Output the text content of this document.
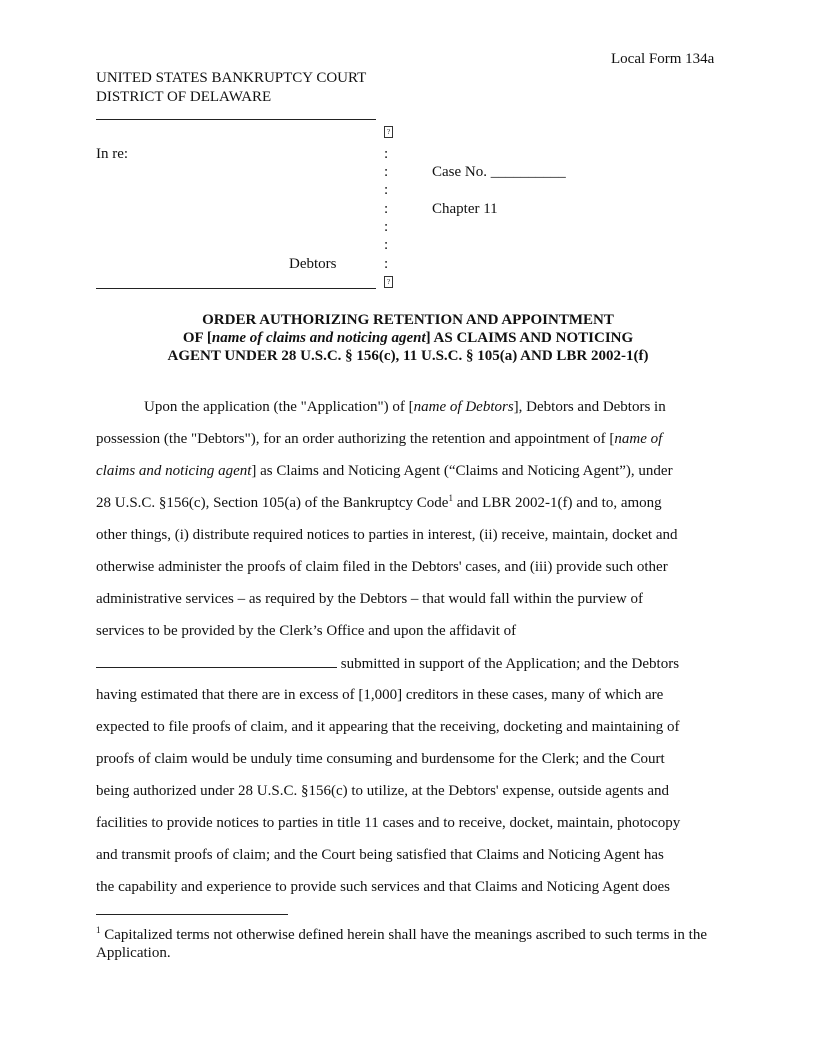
Local Form 134a
UNITED STATES BANKRUPTCY COURT
DISTRICT OF DELAWARE
?
:
:
:
:
:
:
:
In re:
Case No. __________
Chapter 11
Debtors
?
ORDER AUTHORIZING RETENTION AND APPOINTMENT
OF [name of claims and noticing agent] AS CLAIMS AND NOTICING
AGENT UNDER 28 U.S.C. § 156(c), 11 U.S.C. § 105(a) AND LBR 2002-1(f)
Upon the application (the "Application") of [name of Debtors], Debtors and Debtors in
possession (the "Debtors"), for an order authorizing the retention and appointment of [name of
claims and noticing agent] as Claims and Noticing Agent (“Claims and Noticing Agent”), under
28 U.S.C. §156(c), Section 105(a) of the Bankruptcy Code$^1$ and LBR 2002-1(f) and to, among
other things, (i) distribute required notices to parties in interest, (ii) receive, maintain, docket and
otherwise administer the proofs of claim filed in the Debtors' cases, and (iii) provide such other
administrative services – as required by the Debtors – that would fall within the purview of
services to be provided by the Clerk’s Office and upon the affidavit of
submitted in support of the Application; and the Debtors
having estimated that there are in excess of [1,000] creditors in these cases, many of which are
expected to file proofs of claim, and it appearing that the receiving, docketing and maintaining of
proofs of claim would be unduly time consuming and burdensome for the Clerk; and the Court
being authorized under 28 U.S.C. §156(c) to utilize, at the Debtors' expense, outside agents and
facilities to provide notices to parties in title 11 cases and to receive, docket, maintain, photocopy
and transmit proofs of claim; and the Court being satisfied that Claims and Noticing Agent has
the capability and experience to provide such services and that Claims and Noticing Agent does
$^1$ Capitalized terms not otherwise defined herein shall have the meanings ascribed to such terms in the Application.
